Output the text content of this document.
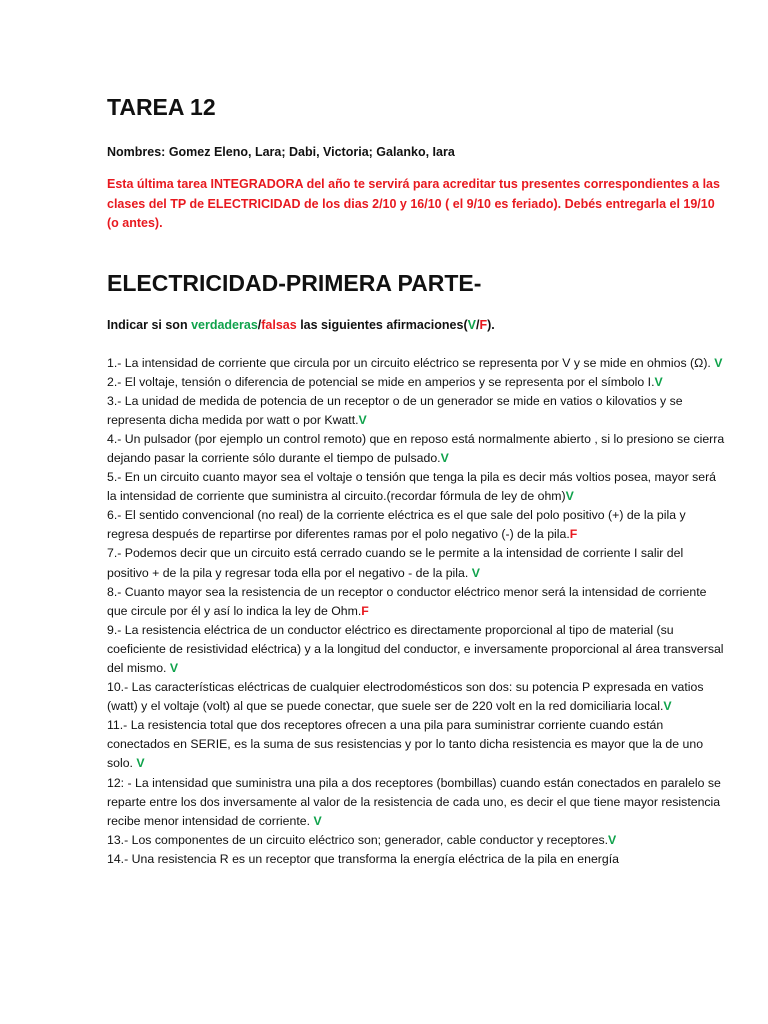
TAREA 12
Nombres: Gomez Eleno, Lara; Dabi, Victoria; Galanko, Iara
Esta última tarea INTEGRADORA del año te servirá para acreditar tus presentes correspondientes a las clases del TP de ELECTRICIDAD de los dias 2/10 y 16/10 ( el 9/10 es feriado). Debés entregarla el 19/10 (o antes).
ELECTRICIDAD-PRIMERA PARTE-
Indicar si son verdaderas/falsas las siguientes afirmaciones(V/F).

1.- La intensidad de corriente que circula por un circuito eléctrico se representa por V y se mide en ohmios (Ω). V

2.- El voltaje, tensión o diferencia de potencial se mide en amperios y se representa por el símbolo I.V

3.- La unidad de medida de potencia de un receptor o de un generador se mide en vatios o kilovatios y se representa dicha medida por watt o por Kwatt.V

4.- Un pulsador (por ejemplo un control remoto) que en reposo está normalmente abierto , si lo presiono se cierra dejando pasar la corriente sólo durante el tiempo de pulsado.V

5.- En un circuito cuanto mayor sea el voltaje o tensión que tenga la pila es decir más voltios posea, mayor será la intensidad de corriente que suministra al circuito.(recordar fórmula de ley de ohm)V

6.- El sentido convencional (no real) de la corriente eléctrica es el que sale del polo positivo (+) de la pila y regresa después de repartirse por diferentes ramas por el polo negativo (-) de la pila.F

7.- Podemos decir que un circuito está cerrado cuando se le permite a la intensidad de corriente I salir del positivo + de la pila y regresar toda ella por el negativo - de la pila. V

8.- Cuanto mayor sea la resistencia de un receptor o conductor eléctrico menor será la intensidad de corriente que circule por él y así lo indica la ley de Ohm.F

9.- La resistencia eléctrica de un conductor eléctrico es directamente proporcional al tipo de material (su coeficiente de resistividad eléctrica) y a la longitud del conductor, e inversamente proporcional al área transversal del mismo. V

10.- Las características eléctricas de cualquier electrodomésticos son dos: su potencia P expresada en vatios (watt) y el voltaje (volt) al que se puede conectar, que suele ser de 220 volt en la red domiciliaria local.V

11.- La resistencia total que dos receptores ofrecen a una pila para suministrar corriente cuando están conectados en SERIE, es la suma de sus resistencias y por lo tanto dicha resistencia es mayor que la de uno solo. V

12: - La intensidad que suministra una pila a dos receptores (bombillas) cuando están conectados en paralelo se reparte entre los dos inversamente al valor de la resistencia de cada uno, es decir el que tiene mayor resistencia recibe menor intensidad de corriente. V

13.- Los componentes de un circuito eléctrico son; generador, cable conductor y receptores.V

14.- Una resistencia R es un receptor que transforma la energía eléctrica de la pila en energía
